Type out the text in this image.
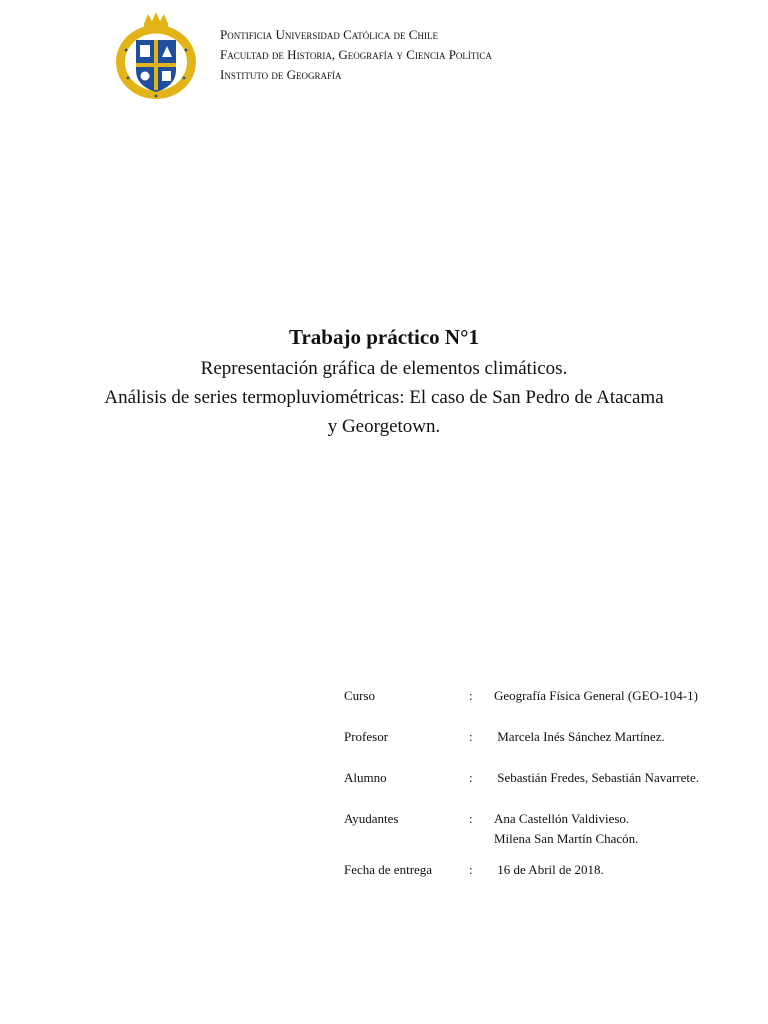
Pontificia Universidad Católica de Chile
Facultad de Historia, Geografía y Ciencia Política
Instituto de Geografía
Trabajo práctico N°1
Representación gráfica de elementos climáticos.
Análisis de series termopluviométricas: El caso de San Pedro de Atacama y Georgetown.
Curso	:	Geografía Física General (GEO-104-1)
Profesor	:	Marcela Inés Sánchez Martínez.
Alumno	:	Sebastián Fredes, Sebastián Navarrete.
Ayudantes	:	Ana Castellón Valdivieso.
Milena San Martín Chacón.
Fecha de entrega	:	16 de Abril de 2018.
